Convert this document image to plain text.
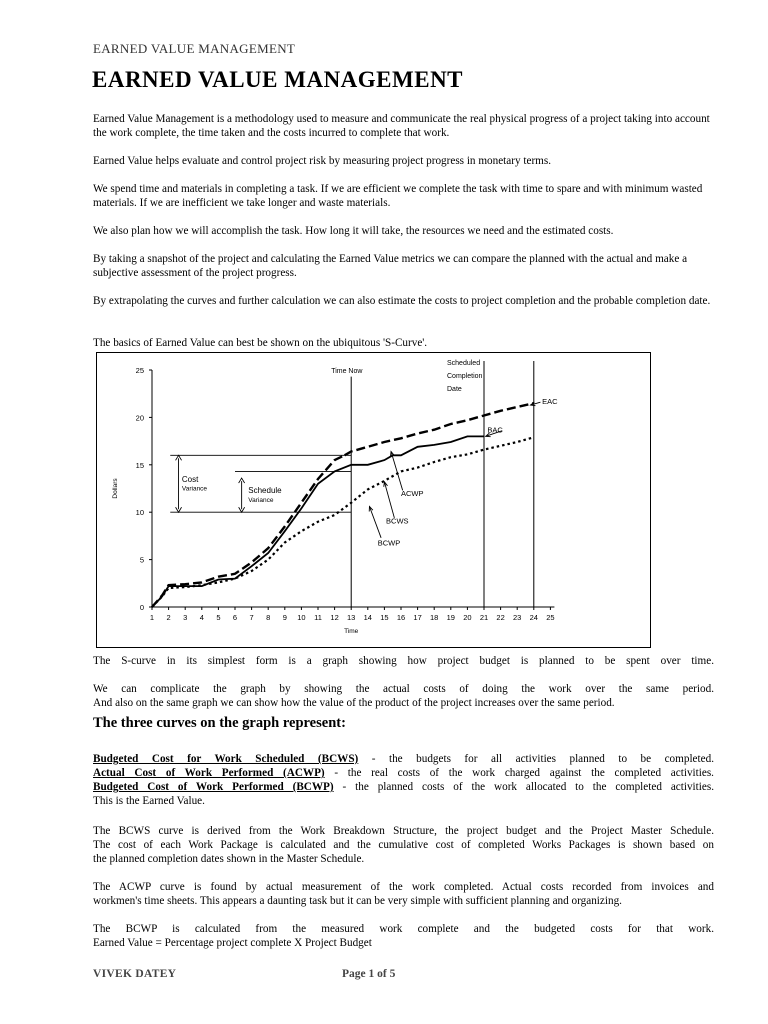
EARNED VALUE MANAGEMENT
EARNED VALUE MANAGEMENT

Earned Value Management is a methodology used to measure and communicate the real physical progress of a project taking into account the work complete, the time taken and the costs incurred to complete that work.

Earned Value helps evaluate and control project risk by measuring project progress in monetary terms.

We spend time and materials in completing a task. If we are efficient we complete the task with time to spare and with minimum wasted materials. If we are inefficient we take longer and waste materials.

We also plan how we will accomplish the task. How long it will take, the resources we need and the estimated costs.

By taking a snapshot of the project and calculating the Earned Value metrics we can compare the planned with the actual and make a subjective assessment of the project progress.

By extrapolating the curves and further calculation we can also estimate the costs to project completion and the probable completion date.

The basics of Earned Value can best be shown on the ubiquitous 'S-Curve'.

0
5
10
15
20
25
1 2 3 4 5 6 7 8 9 10 11 12 13 14 15 16 17 18 19 20 21 22 23 24 25
Time
Dollars
Time Now
Scheduled
Completion
Date
EAC
BAC
ACWP
BCWS
BCWP
Cost
Variance	Schedule
Variance

The S-curve in its simplest form is a graph showing how project budget is planned to be spent over time.

We can complicate the graph by showing the actual costs of doing the work over the same period.
And also on the same graph we can show how the value of the product of the project increases over the same period.

The three curves on the graph represent:
Budgeted Cost for Work Scheduled (BCWS) - the budgets for all activities planned to be completed.
Actual Cost of Work Performed (ACWP) - the real costs of the work charged against the completed activities.
Budgeted Cost of Work Performed (BCWP) - the planned costs of the work allocated to the completed activities.
This is the Earned Value.

The BCWS curve is derived from the Work Breakdown Structure, the project budget and the Project Master Schedule.
The cost of each Work Package is calculated and the cumulative cost of completed Works Packages is shown based on
the planned completion dates shown in the Master Schedule.

The ACWP curve is found by actual measurement of the work completed. Actual costs recorded from invoices and
workmen's time sheets. This appears a daunting task but it can be very simple with sufficient planning and organizing.

The BCWP is calculated from the measured work complete and the budgeted costs for that work.
Earned Value = Percentage project complete X Project Budget

VIVEK DATEY	Page 1 of 5
